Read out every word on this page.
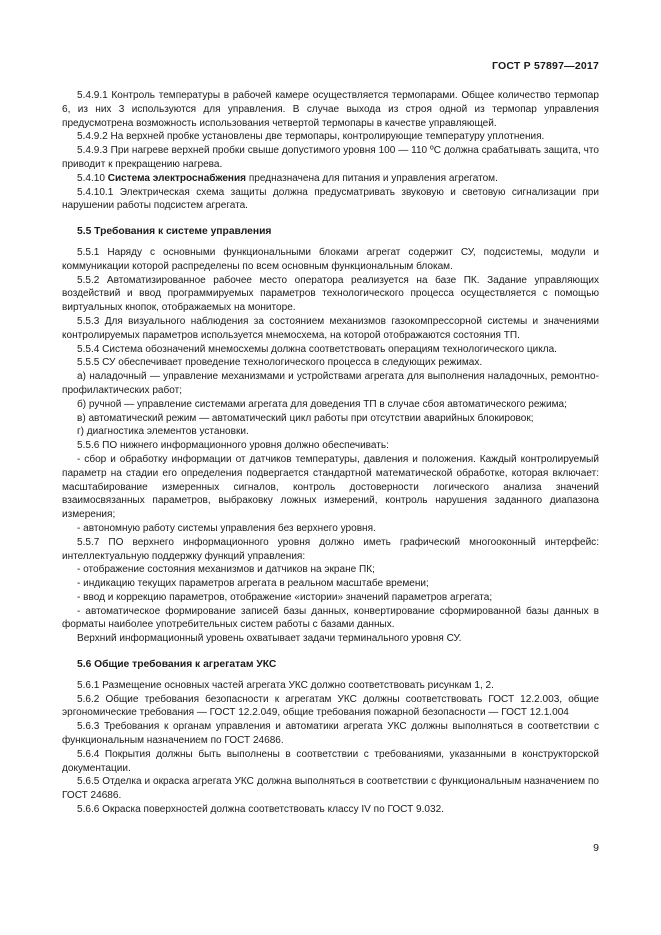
ГОСТ Р 57897—2017

5.4.9.1 Контроль температуры в рабочей камере осуществляется термопарами. Общее количество термопар 6, из них 3 используются для управления. В случае выхода из строя одной из термопар управления предусмотрена возможность использования четвертой термопары в качестве управляющей.

5.4.9.2 На верхней пробке установлены две термопары, контролирующие температуру уплотнения.

5.4.9.3 При нагреве верхней пробки свыше допустимого уровня 100 — 110 ºC должна срабатывать защита, что приводит к прекращению нагрева.

5.4.10 Система электроснабжения предназначена для питания и управления агрегатом.

5.4.10.1 Электрическая схема защиты должна предусматривать звуковую и световую сигнализации при нарушении работы подсистем агрегата.

5.5 Требования к системе управления

5.5.1 Наряду с основными функциональными блоками агрегат содержит СУ, подсистемы, модули и коммуникации которой распределены по всем основным функциональным блокам.

5.5.2 Автоматизированное рабочее место оператора реализуется на базе ПК. Задание управляющих воздействий и ввод программируемых параметров технологического процесса осуществляется с помощью виртуальных кнопок, отображаемых на мониторе.

5.5.3 Для визуального наблюдения за состоянием механизмов газокомпрессорной системы и значениями контролируемых параметров используется мнемосхема, на которой отображаются состояния ТП.

5.5.4 Система обозначений мнемосхемы должна соответствовать операциям технологического цикла.

5.5.5 СУ обеспечивает проведение технологического процесса в следующих режимах.

а) наладочный — управление механизмами и устройствами агрегата для выполнения наладочных, ремонтно-профилактических работ;

б) ручной — управление системами агрегата для доведения ТП в случае сбоя автоматического режима;

в) автоматический режим — автоматический цикл работы при отсутствии аварийных блокировок;

г) диагностика элементов установки.

5.5.6 ПО нижнего информационного уровня должно обеспечивать:

- сбор и обработку информации от датчиков температуры, давления и положения. Каждый контролируемый параметр на стадии его определения подвергается стандартной математической обработке, которая включает: масштабирование измеренных сигналов, контроль достоверности логического анализа значений взаимосвязанных параметров, выбраковку ложных измерений, контроль нарушения заданного диапазона измерения;

- автономную работу системы управления без верхнего уровня.

5.5.7 ПО верхнего информационного уровня должно иметь графический многооконный интерфейс: интеллектуальную поддержку функций управления:

- отображение состояния механизмов и датчиков на экране ПК;

- индикацию текущих параметров агрегата в реальном масштабе времени;

- ввод и коррекцию параметров, отображение «истории» значений параметров агрегата;

- автоматическое формирование записей базы данных, конвертирование сформированной базы данных в форматы наиболее употребительных систем работы с базами данных.

Верхний информационный уровень охватывает задачи терминального уровня СУ.

5.6 Общие требования к агрегатам УКС

5.6.1 Размещение основных частей агрегата УКС должно соответствовать рисункам 1, 2.

5.6.2 Общие требования безопасности к агрегатам УКС должны соответствовать ГОСТ 12.2.003, общие эргономические требования — ГОСТ 12.2.049, общие требования пожарной безопасности — ГОСТ 12.1.004

5.6.3 Требования к органам управления и автоматики агрегата УКС должны выполняться в соответствии с функциональным назначением по ГОСТ 24686.

5.6.4 Покрытия должны быть выполнены в соответствии с требованиями, указанными в конструкторской документации.

5.6.5 Отделка и окраска агрегата УКС должна выполняться в соответствии с функциональным назначением по ГОСТ 24686.

5.6.6 Окраска поверхностей должна соответствовать классу IV по ГОСТ 9.032.

9
